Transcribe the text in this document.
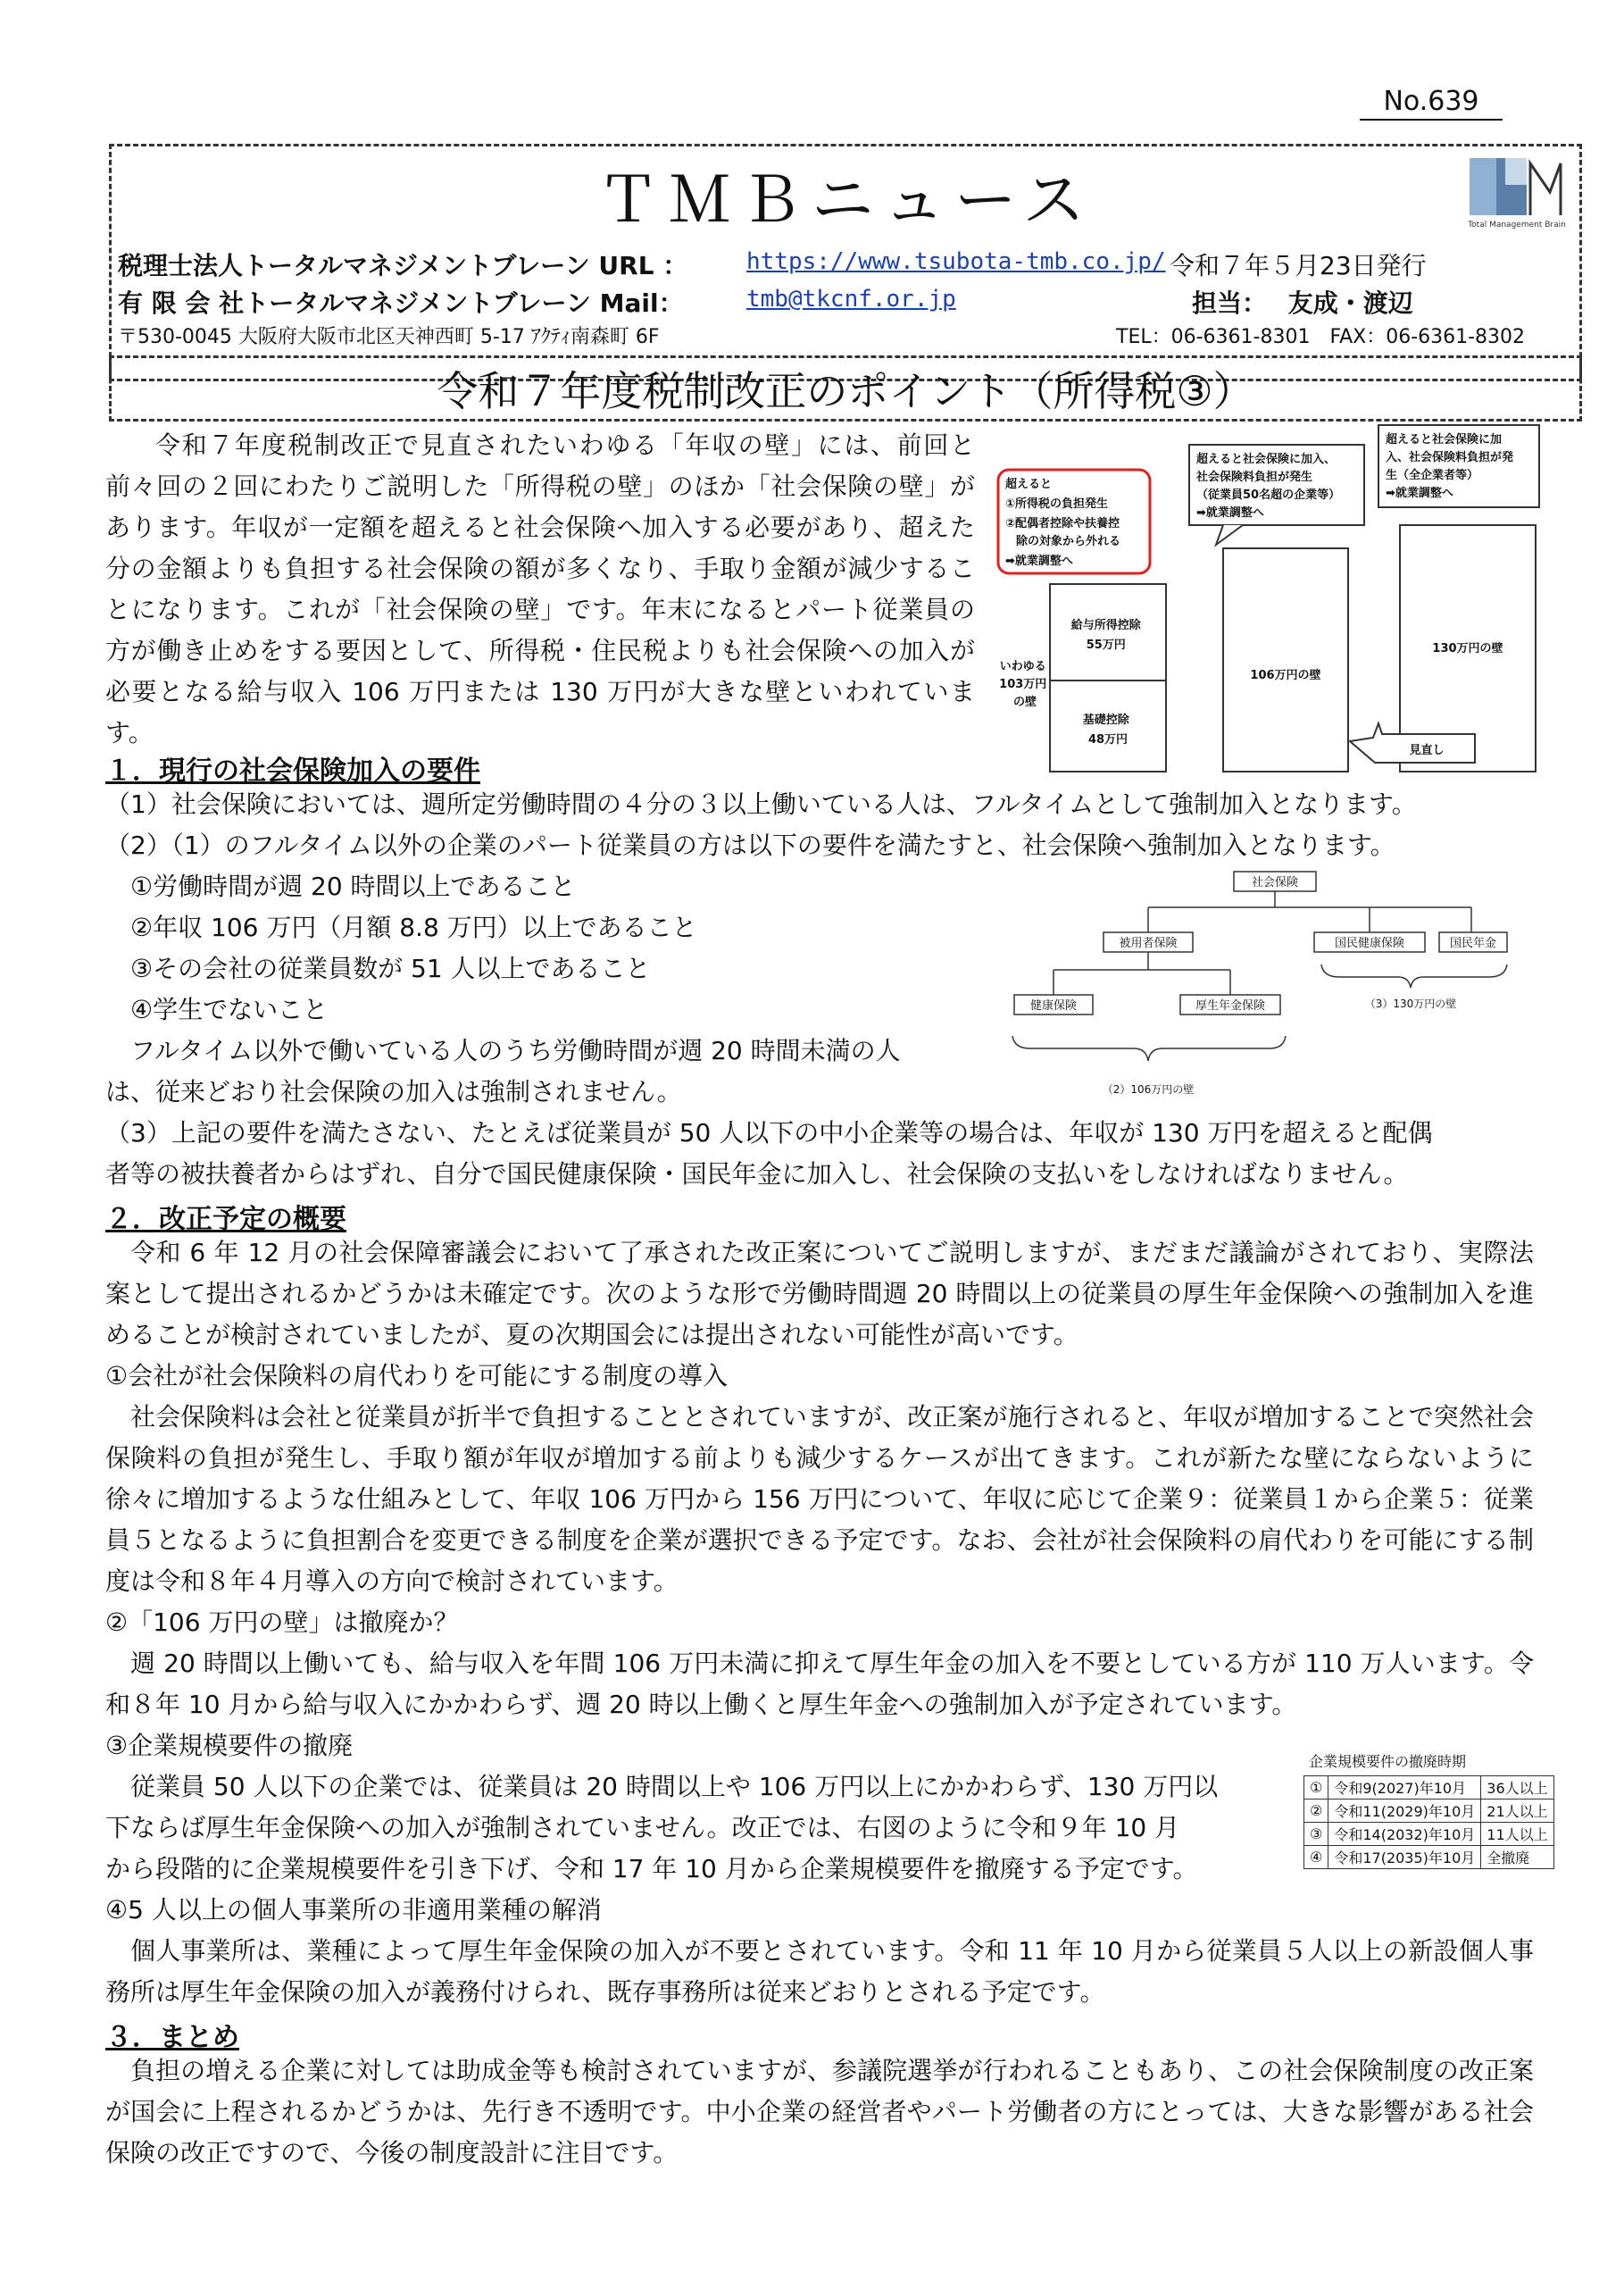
No.639
ＴＭＢニュース	Total Management Brain
税理士法人トータルマネジメントブレーン URL ：	https://www.tsubota-tmb.co.jp/ 令和７年５月23日発行
有 限 会 社トータルマネジメントブレーン Mail：	tmb@tkcnf.or.jp	担当： 友成・渡辺
〒530-0045 大阪府大阪市北区天神西町 5-17 ｱｸﾃｨ南森町 6F	TEL：06-6361-8301　FAX：06-6361-8302
令和７年度税制改正のポイント（所得税③）
令和７年度税制改正で見直されたいわゆる「年収の壁」には、前回と前々回の２回にわたりご説明した「所得税の壁」のほか「社会保険の壁」があります。年収が一定額を超えると社会保険へ加入する必要があり、超えた分の金額よりも負担する社会保険の額が多くなり、手取り金額が減少することになります。これが「社会保険の壁」です。年末になるとパート従業員の方が働き止めをする要因として、所得税・住民税よりも社会保険への加入が必要となる給与収入 106 万円または 130 万円が大きな壁といわれています。
超えると ①所得税の負担発生 ②配偶者控除や扶養控 除の対象から外れる ➡就業調整へ
超えると社会保険に加入、 社会保険料負担が発生 （従業員50名超の企業等） ➡就業調整へ
超えると社会保険に加 入、社会保険料負担が発 生（全企業者等） ➡就業調整へ
いわゆる 103万円 の壁
給与所得控除 55万円 基礎控除 48万円
106万円の壁
130万円の壁
見直し
１．現行の社会保険加入の要件
（1）社会保険においては、週所定労働時間の４分の３以上働いている人は、フルタイムとして強制加入となります。
（2）（1）のフルタイム以外の企業のパート従業員の方は以下の要件を満たすと、社会保険へ強制加入となります。
①労働時間が週 20 時間以上であること
②年収 106 万円（月額 8.8 万円）以上であること
③その会社の従業員数が 51 人以上であること
④学生でないこと
フルタイム以外で働いている人のうち労働時間が週 20 時間未満の人
は、従来どおり社会保険の加入は強制されません。
社会保険
被用者保険	国民健康保険	国民年金
健康保険	厚生年金保険	（3）130万円の壁
（2）106万円の壁
（3）上記の要件を満たさない、たとえば従業員が 50 人以下の中小企業等の場合は、年収が 130 万円を超えると配偶
者等の被扶養者からはずれ、自分で国民健康保険・国民年金に加入し、社会保険の支払いをしなければなりません。
２．改正予定の概要
令和 6 年 12 月の社会保障審議会において了承された改正案についてご説明しますが、まだまだ議論がされており、実際法案として提出されるかどうかは未確定です。次のような形で労働時間週 20 時間以上の従業員の厚生年金保険への強制加入を進めることが検討されていましたが、夏の次期国会には提出されない可能性が高いです。
①会社が社会保険料の肩代わりを可能にする制度の導入
社会保険料は会社と従業員が折半で負担することとされていますが、改正案が施行されると、年収が増加することで突然社会保険料の負担が発生し、手取り額が年収が増加する前よりも減少するケースが出てきます。これが新たな壁にならないように徐々に増加するような仕組みとして、年収 106 万円から 156 万円について、年収に応じて企業９：従業員１から企業５：従業員５となるように負担割合を変更できる制度を企業が選択できる予定です。なお、会社が社会保険料の肩代わりを可能にする制度は令和８年４月導入の方向で検討されています。
②「106 万円の壁」は撤廃か？
週 20 時間以上働いても、給与収入を年間 106 万円未満に抑えて厚生年金の加入を不要としている方が 110 万人います。令和８年 10 月から給与収入にかかわらず、週 20 時以上働くと厚生年金への強制加入が予定されています。
③企業規模要件の撤廃
従業員 50 人以下の企業では、従業員は 20 時間以上や 106 万円以上にかかわらず、130 万円以
下ならば厚生年金保険への加入が強制されていません。改正では、右図のように令和９年 10 月
から段階的に企業規模要件を引き下げ、令和 17 年 10 月から企業規模要件を撤廃する予定です。
企業規模要件の撤廃時期
①	令和9(2027)年10月	36人以上
②	令和11(2029)年10月	21人以上
③	令和14(2032)年10月	11人以上
④	令和17(2035)年10月	全撤廃
④5 人以上の個人事業所の非適用業種の解消
個人事業所は、業種によって厚生年金保険の加入が不要とされています。令和 11 年 10 月から従業員５人以上の新設個人事務所は厚生年金保険の加入が義務付けられ、既存事務所は従来どおりとされる予定です。
３．まとめ
負担の増える企業に対しては助成金等も検討されていますが、参議院選挙が行われることもあり、この社会保険制度の改正案が国会に上程されるかどうかは、先行き不透明です。中小企業の経営者やパート労働者の方にとっては、大きな影響がある社会保険の改正ですので、今後の制度設計に注目です。
